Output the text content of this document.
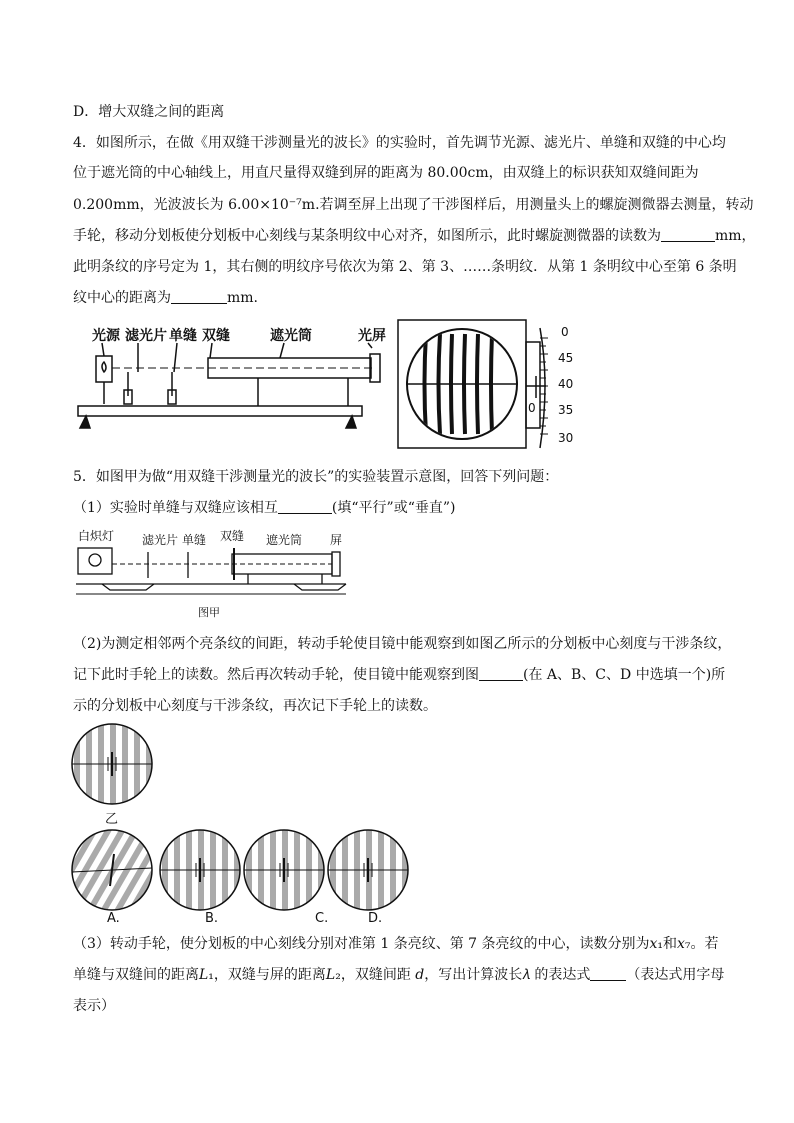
D．增大双缝之间的距离
4．如图所示，在做《用双缝干涉测量光的波长》的实验时，首先调节光源、滤光片、单缝和双缝的中心均
位于遮光筒的中心轴线上，用直尺量得双缝到屏的距离为 80.00cm，由双缝上的标识获知双缝间距为
0.200mm，光波波长为 6.00×10⁻⁷m.若调至屏上出现了干涉图样后，用测量头上的螺旋测微器去测量，转动
手轮，移动分划板使分划板中心刻线与某条明纹中心对齐，如图所示，此时螺旋测微器的读数为	mm，
此明条纹的序号定为 1，其右侧的明纹序号依次为第 2、第 3、……条明纹．从第 1 条明纹中心至第 6 条明
纹中心的距离为	mm.
光源 滤光片 单缝 双缝	遮光筒	光屏	0
45
40
35
30
0
5．如图甲为做“用双缝干涉测量光的波长”的实验装置示意图，回答下列问题：
（1）实验时单缝与双缝应该相互	(填“平行”或“垂直”)
白炽灯 滤光片 单缝 双缝 遮光筒 屏
图甲
（2)为测定相邻两个亮条纹的间距，转动手轮使目镜中能观察到如图乙所示的分划板中心刻度与干涉条纹，
记下此时手轮上的读数。然后再次转动手轮，使目镜中能观察到图	(在 A、B、C、D 中选填一个)所
示的分划板中心刻度与干涉条纹，再次记下手轮上的读数。
乙
A.	B.	C.	D.
（3）转动手轮，使分划板的中心刻线分别对准第 1 条亮纹、第 7 条亮纹的中心，读数分别为𝑥₁和𝑥₇。若
单缝与双缝间的距离𝐿₁，双缝与屏的距离𝐿₂，双缝间距 𝑑，写出计算波长𝜆 的表达式	（表达式用字母
表示）
